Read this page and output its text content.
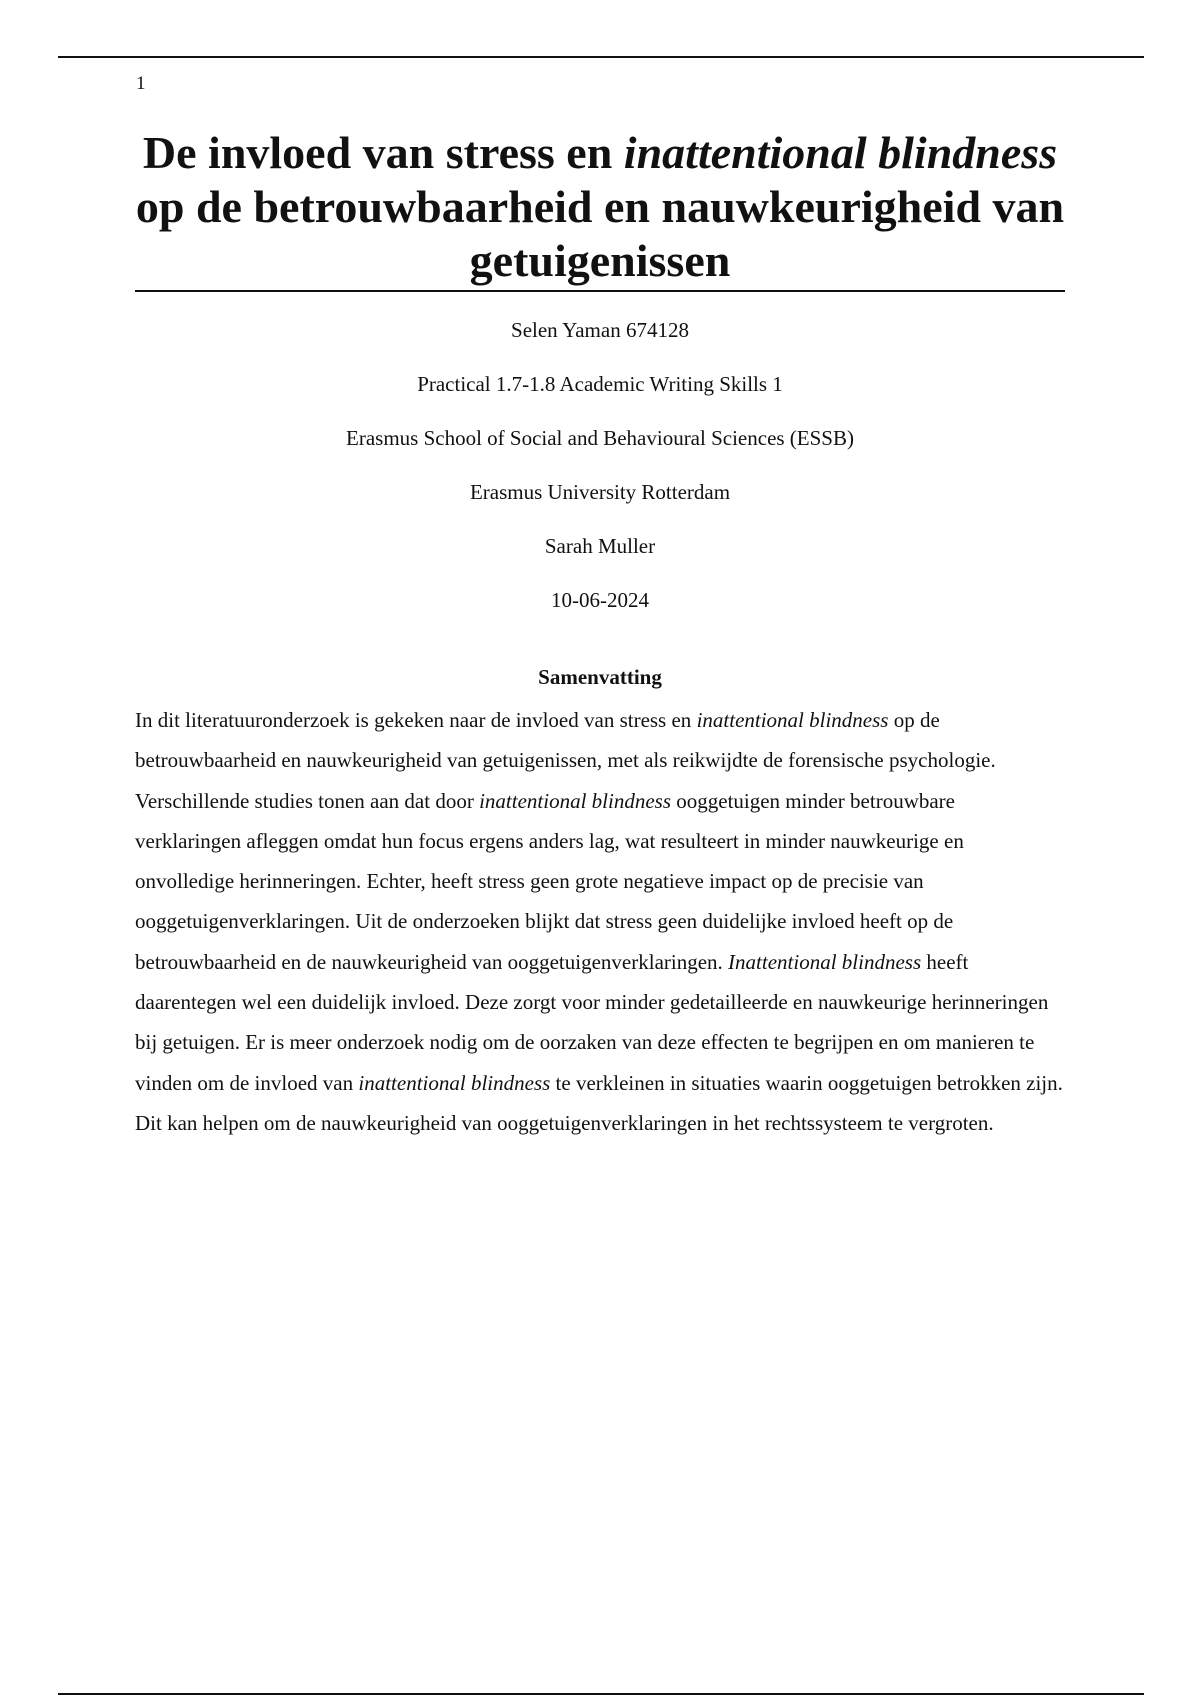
1
De invloed van stress en inattentional blindness op de betrouwbaarheid en nauwkeurigheid van getuigenissen
Selen Yaman 674128
Practical 1.7-1.8 Academic Writing Skills 1
Erasmus School of Social and Behavioural Sciences (ESSB)
Erasmus University Rotterdam
Sarah Muller
10-06-2024
Samenvatting

In dit literatuuronderzoek is gekeken naar de invloed van stress en inattentional blindness op de betrouwbaarheid en nauwkeurigheid van getuigenissen, met als reikwijdte de forensische psychologie. Verschillende studies tonen aan dat door inattentional blindness ooggetuigen minder betrouwbare verklaringen afleggen omdat hun focus ergens anders lag, wat resulteert in minder nauwkeurige en onvolledige herinneringen. Echter, heeft stress geen grote negatieve impact op de precisie van ooggetuigenverklaringen. Uit de onderzoeken blijkt dat stress geen duidelijke invloed heeft op de betrouwbaarheid en de nauwkeurigheid van ooggetuigenverklaringen. Inattentional blindness heeft daarentegen wel een duidelijk invloed. Deze zorgt voor minder gedetailleerde en nauwkeurige herinneringen bij getuigen. Er is meer onderzoek nodig om de oorzaken van deze effecten te begrijpen en om manieren te vinden om de invloed van inattentional blindness te verkleinen in situaties waarin ooggetuigen betrokken zijn. Dit kan helpen om de nauwkeurigheid van ooggetuigenverklaringen in het rechtssysteem te vergroten.
